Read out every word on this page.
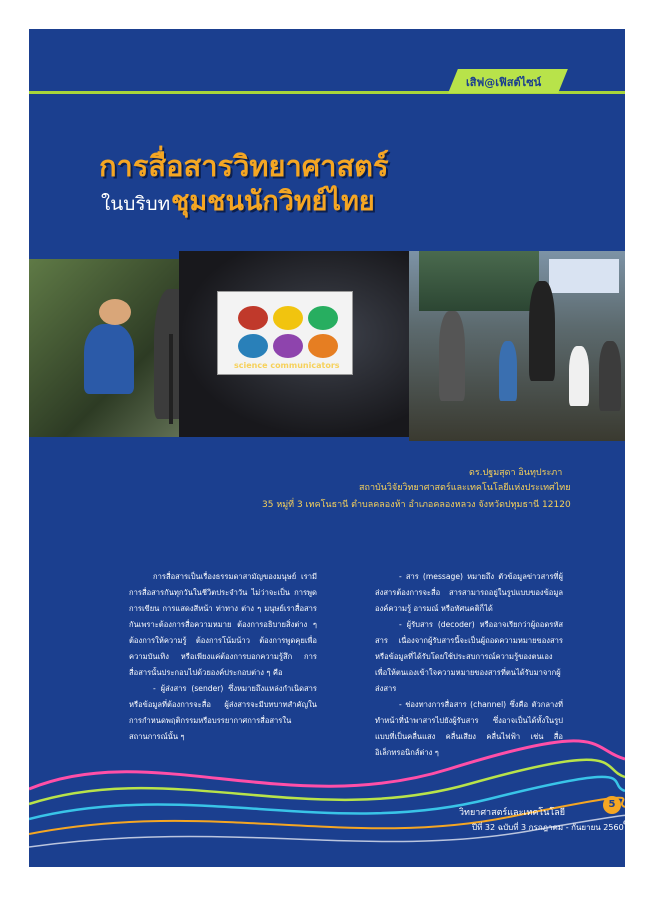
เสิฟ@เฟิสต์ไซน์
การสื่อสารวิทยาศาสตร์
ในบริบท ชุมชนนักวิทย์ไทย
science communicators
ดร.ปฐมสุดา อินทุประภา
สถาบันวิจัยวิทยาศาสตร์และเทคโนโลยีแห่งประเทศไทย
35 หมู่ที่ 3 เทคโนธานี ตำบลคลองห้า อำเภอคลองหลวง จังหวัดปทุมธานี 12120

การสื่อสารเป็นเรื่องธรรมดาสามัญของมนุษย์ เรามีการสื่อสารกันทุกวันในชีวิตประจำวัน ไม่ว่าจะเป็น การพูด การเขียน การแสดงสีหน้า ท่าทาง ต่าง ๆ มนุษย์เราสื่อสารกันเพราะต้องการสื่อความหมาย ต้องการอธิบายสิ่งต่าง ๆ ต้องการให้ความรู้ ต้องการโน้มน้าว ต้องการพูดคุยเพื่อความบันเทิง หรือเพียงแค่ต้องการบอกความรู้สึก การสื่อสารนั้นประกอบไปด้วยองค์ประกอบต่าง ๆ คือ

- ผู้ส่งสาร (sender) ซึ่งหมายถึงแหล่งกำเนิดสารหรือข้อมูลที่ต้องการจะสื่อ ผู้ส่งสารจะมีบทบาทสำคัญในการกำหนดพฤติกรรมหรือบรรยากาศการสื่อสารในสถานการณ์นั้น ๆ

- สาร (message) หมายถึง ตัวข้อมูลข่าวสารที่ผู้ส่งสารต้องการจะสื่อ สารสามารถอยู่ในรูปแบบของข้อมูล องค์ความรู้ อารมณ์ หรือทัศนคติก็ได้

- ผู้รับสาร (decoder) หรืออาจเรียกว่าผู้ถอดรหัสสาร เนื่องจากผู้รับสารนี้จะเป็นผู้ถอดความหมายของสารหรือข้อมูลที่ได้รับโดยใช้ประสบการณ์ความรู้ของตนเอง เพื่อให้ตนเองเข้าใจความหมายของสารที่ตนได้รับมาจากผู้ส่งสาร

- ช่องทางการสื่อสาร (channel) ซึ่งคือ ตัวกลางที่ทำหน้าที่นำพาสารไปยังผู้รับสาร ซึ่งอาจเป็นได้ทั้งในรูปแบบที่เป็นคลื่นแสง คลื่นเสียง คลื่นไฟฟ้า เช่น สื่ออิเล็กทรอนิกส์ต่าง ๆ

วิทยาศาสตร์และเทคโนโลยี
ปีที่ 32 ฉบับที่ 3 กรกฎาคม - กันยายน 2560
5
